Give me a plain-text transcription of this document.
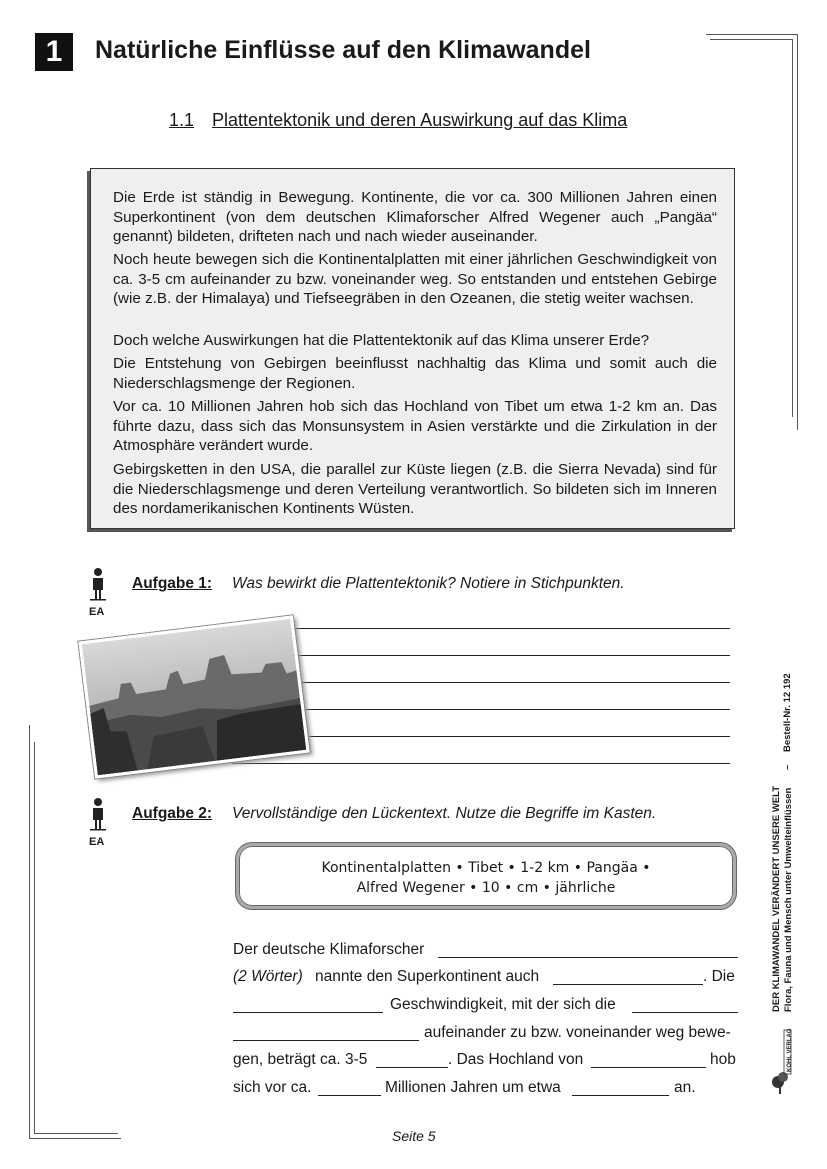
1	Natürliche Einflüsse auf den Klimawandel
1.1 Plattentektonik und deren Auswirkung auf das Klima
Die Erde ist ständig in Bewegung. Kontinente, die vor ca. 300 Millionen Jahren einen Superkontinent (von dem deutschen Klimaforscher Alfred Wegener auch „Pangäa“ genannt) bildeten, drifteten nach und nach wieder auseinander.
Noch heute bewegen sich die Kontinentalplatten mit einer jährlichen Geschwindigkeit von ca. 3-5 cm aufeinander zu bzw. voneinander weg. So entstanden und entstehen Gebirge (wie z.B. der Himalaya) und Tiefseegräben in den Ozeanen, die stetig weiter wachsen.
Doch welche Auswirkungen hat die Plattentektonik auf das Klima unserer Erde?
Die Entstehung von Gebirgen beeinflusst nachhaltig das Klima und somit auch die Niederschlagsmenge der Regionen.
Vor ca. 10 Millionen Jahren hob sich das Hochland von Tibet um etwa 1-2 km an. Das führte dazu, dass sich das Monsunsystem in Asien verstärkte und die Zirkulation in der Atmosphäre verändert wurde.
Gebirgsketten in den USA, die parallel zur Küste liegen (z.B. die Sierra Nevada) sind für die Niederschlagsmenge und deren Verteilung verantwortlich. So bildeten sich im Inneren des nordamerikanischen Kontinents Wüsten.
EA
Aufgabe 1: Was bewirkt die Plattentektonik? Notiere in Stichpunkten.
EA
Aufgabe 2: Vervollständige den Lückentext. Nutze die Begriffe im Kasten.
Kontinentalplatten • Tibet • 1-2 km • Pangäa •
Alfred Wegener • 10 • cm • jährliche
Der deutsche Klimaforscher
(2 Wörter) nannte den Superkontinent auch	. Die
Geschwindigkeit, mit der sich die
aufeinander zu bzw. voneinander weg bewe-
gen, beträgt ca. 3-5	. Das Hochland von	hob
sich vor ca.	Millionen Jahren um etwa	an.
Bestell-Nr. 12 192
–
DER KLIMAWANDEL VERÄNDERT UNSERE WELT Flora, Fauna und Mensch unter Umwelteinflüssen
KOHL VERLAG
Seite 5
